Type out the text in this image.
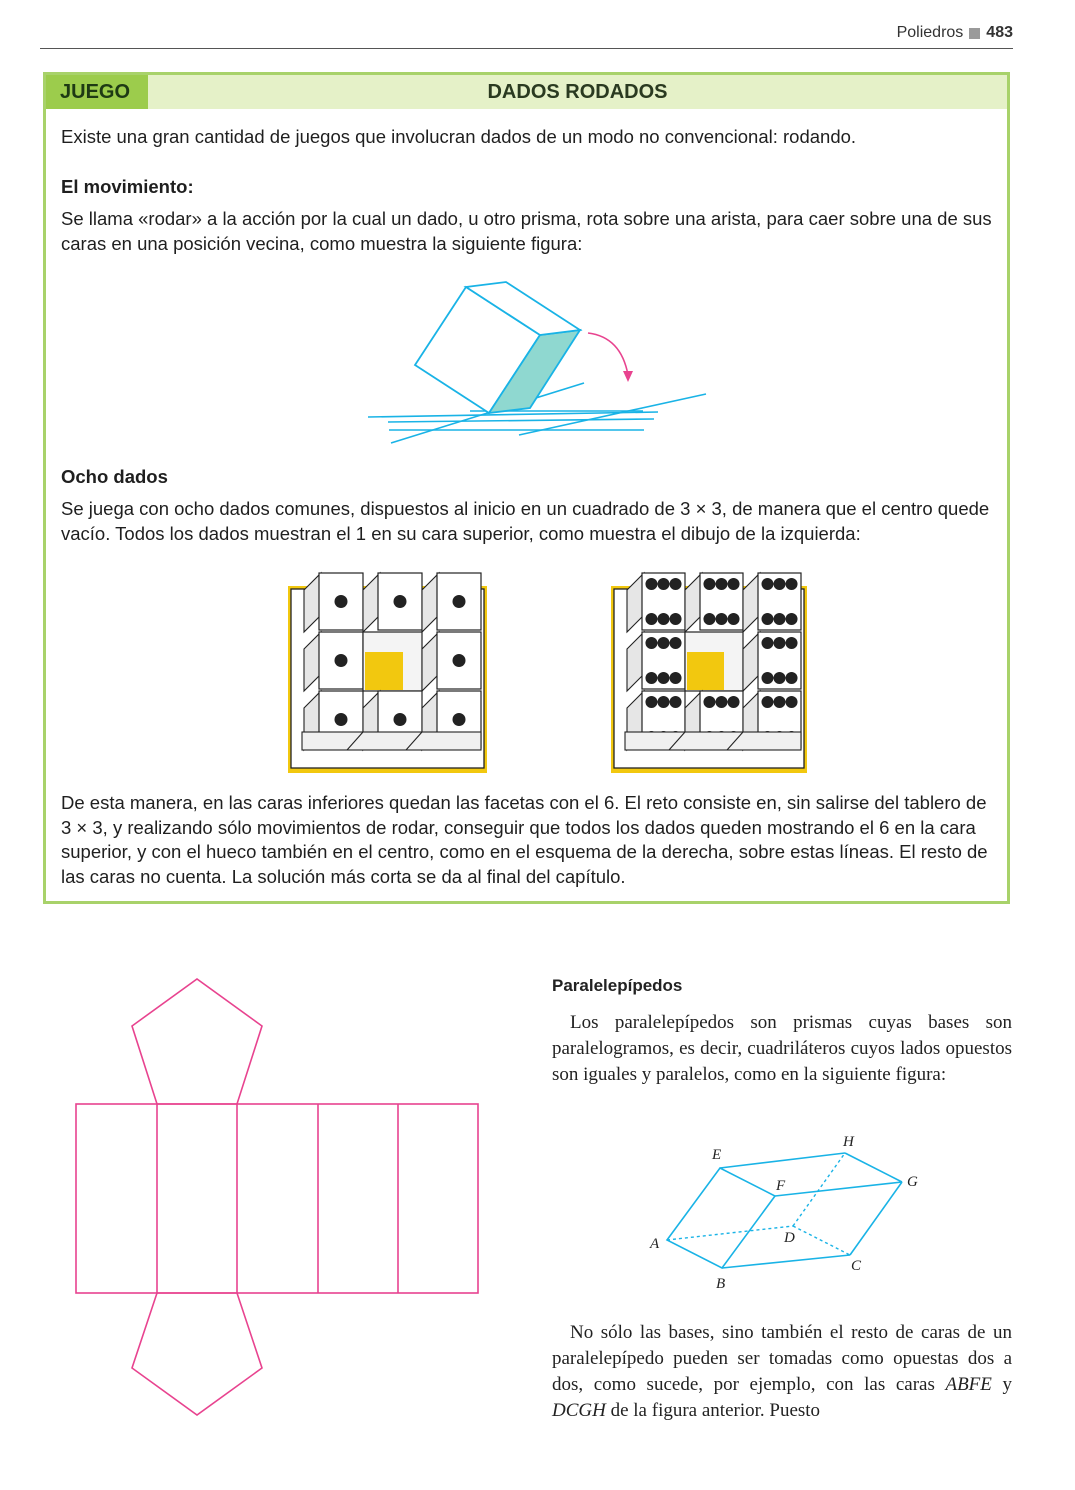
Poliedros 483
JUEGO	DADOS RODADOS
Existe una gran cantidad de juegos que involucran dados de un modo no convencional: rodando.
El movimiento:
Se llama «rodar» a la acción por la cual un dado, u otro prisma, rota sobre una arista, para caer sobre una de sus caras en una posición vecina, como muestra la siguiente figura:
Ocho dados
Se juega con ocho dados comunes, dispuestos al inicio en un cuadrado de 3 × 3, de manera que el centro quede vacío. Todos los dados muestran el 1 en su cara superior, como muestra el dibujo de la izquierda:
De esta manera, en las caras inferiores quedan las facetas con el 6. El reto consiste en, sin salirse del tablero de 3 × 3, y realizando sólo movimientos de rodar, conseguir que todos los dados queden mostrando el 6 en la cara superior, y con el hueco también en el centro, como en el esquema de la derecha, sobre estas líneas. El resto de las caras no cuenta. La solución más corta se da al final del capítulo.
Paralelepípedos
Los paralelepípedos son prismas cuyas bases son paralelogramos, es decir, cuadriláteros cuyos lados opuestos son iguales y paralelos, como en la siguiente figura:
A
B
C
D
E
F	G
H
No sólo las bases, sino también el resto de caras de un paralelepípedo pueden ser tomadas como opuestas dos a dos, como sucede, por ejemplo, con las caras ABFE y DCGH de la figura anterior. Puesto
